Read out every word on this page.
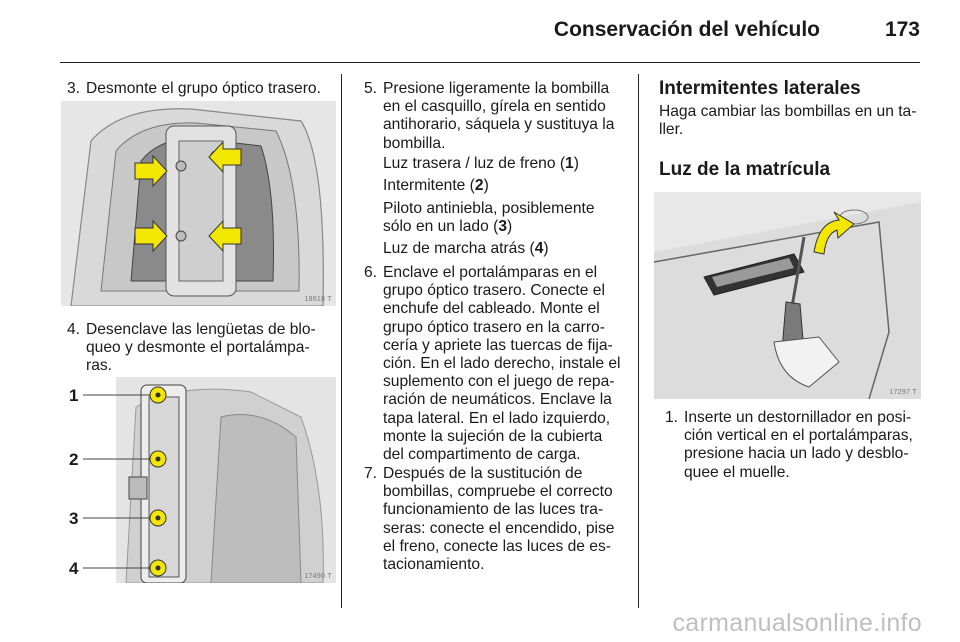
Conservación del vehículo	173
3. Desmonte el grupo óptico trasero.
18618 T
4. Desenclave las lengüetas de blo-
queo y desmonte el portalámpa-
ras.
1
2
3
4	17490 T
5. Presione ligeramente la bombilla
en el casquillo, gírela en sentido
antihorario, sáquela y sustituya la
bombilla.
Luz trasera / luz de freno (1)
Intermitente (2)
Piloto antiniebla, posiblemente
sólo en un lado (3)
Luz de marcha atrás (4)
6. Enclave el portalámparas en el
grupo óptico trasero. Conecte el
enchufe del cableado. Monte el
grupo óptico trasero en la carro-
cería y apriete las tuercas de fija-
ción. En el lado derecho, instale el
suplemento con el juego de repa-
ración de neumáticos. Enclave la
tapa lateral. En el lado izquierdo,
monte la sujeción de la cubierta
del compartimento de carga.
7. Después de la sustitución de
bombillas, compruebe el correcto
funcionamiento de las luces tra-
seras: conecte el encendido, pise
el freno, conecte las luces de es-
tacionamiento.
Intermitentes laterales
Haga cambiar las bombillas en un ta-
ller.
Luz de la matrícula
17297 T
1. Inserte un destornillador en posi-
ción vertical en el portalámparas,
presione hacia un lado y desblo-
quee el muelle.
carmanualsonline.info
